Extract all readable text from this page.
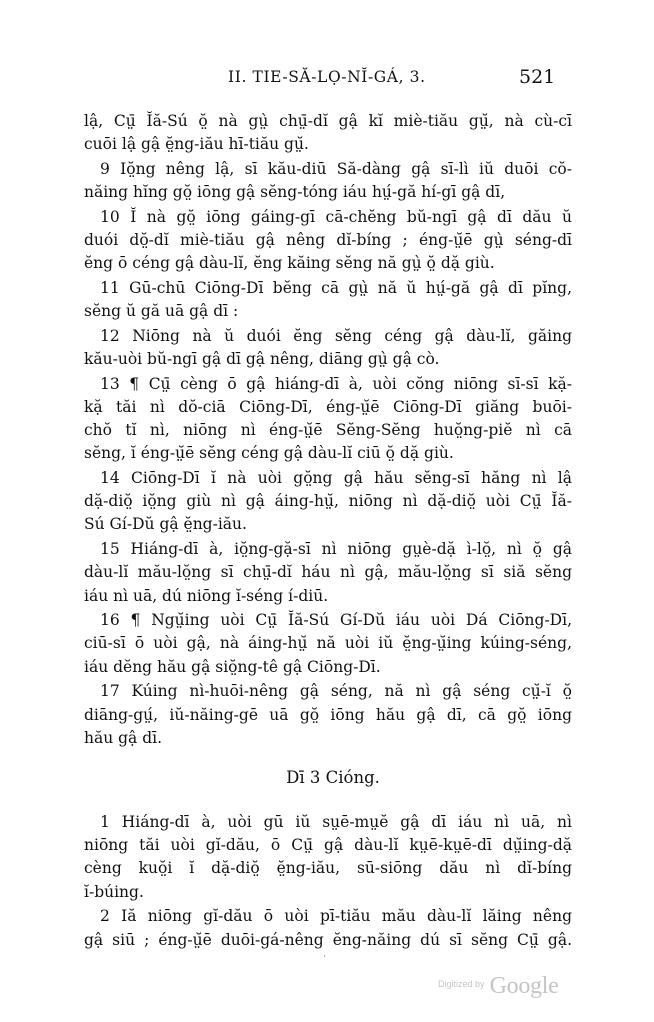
II. TIE-SĂ-LỌ-NĬ-GÁ, 3.	521

lậ, Cṳ̄ Ĭă-Sú ŏ̤ nà gṳ̀ chṳ̄-dĭ gậ kĭ miè-tiău gṳ̆, nà cù-cī
cuōi lậ gậ ĕ̤ng-iău hī-tiău gṳ̆.

9 Iŏ̤ng nêng lậ, sī kău-diū Să-dàng gậ sī-lì iŭ duōi cŏ-
năing hĭng gŏ̤ iōng gậ sĕng-tóng iáu hṳ́-gă hí-gī gậ dī,

10 Ĭ nà gŏ̤ iōng gáing-gī cā-chĕng bŭ-ngī gậ dī dău ŭ
duói dŏ̤-dĭ miè-tiău gậ nêng dĭ-bíng ; éng-ṳ̆ē gṳ̀ séng-dī
ĕng ō céng gậ dàu-lĭ, ĕng kăing sĕng nă gṳ̀ ŏ̤ dặ giù.

11 Gū-chū Ciōng-Dī bĕng cā gṳ̀ nă ŭ hṳ́-gă gậ dī pĭng,
sĕng ŭ gă uā gậ dī :

12 Niōng nà ŭ duói ĕng sĕng céng gậ dàu-lĭ, găing
kău-uòi bŭ-ngī gậ dī gậ nêng, diāng gṳ̀ gậ cò.

13 ¶ Cṳ̄ cèng ō gậ hiáng-dī à, uòi cŏng niōng sī-sī kặ-
kặ tăi nì dŏ-ciā Ciōng-Dī, éng-ṳ̆ē Ciōng-Dī giăng buōi-
chŏ tĭ nì, niōng nì éng-ṳ̆ē Sĕng-Sĕng huŏ̤ng-piĕ nì cā
sĕng, ĭ éng-ṳ̆ē sĕng céng gậ dàu-lĭ ciū ŏ̤ dặ giù.

14 Ciōng-Dī ĭ nà uòi gŏ̤ng gậ hău sĕng-sī hăng nì lậ
dặ-diŏ̤ iŏ̤ng giù nì gậ áing-hṳ̆, niōng nì dặ-diŏ̤ uòi Cṳ̄ Ĭă-
Sú Gí-Dŭ gậ ĕ̤ng-iău.

15 Hiáng-dī à, iŏ̤ng-gặ-sī nì niōng gṳè-dặ ì-lŏ̤, nì ŏ̤ gậ
dàu-lĭ mău-lŏ̤ng sī chṳ̄-dĭ háu nì gậ, mău-lŏ̤ng sī siă sĕng
iáu nì uā, dú niōng ĭ-séng í-diū.

16 ¶ Ngṳ̆ing uòi Cṳ̄ Ĭă-Sú Gí-Dŭ iáu uòi Dá Ciōng-Dī,
ciū-sī ō uòi gậ, nà áing-hṳ̆ nă uòi iŭ ĕ̤ng-ṳ̆ing kúing-séng,
iáu dĕng hău gậ siŏ̤ng-tê gậ Ciōng-Dī.

17 Kúing nì-huōi-nêng gậ séng, nă nì gậ séng cṳ̆-ĭ ŏ̤
diāng-gṳ́, iŭ-năing-gē uā gŏ̤ iōng hău gậ dī, cā gŏ̤ iōng
hău gậ dī.

Dī 3 Cióng.

1 Hiáng-dī à, uòi gū iŭ sṳē-mṳĕ gậ dī iáu nì uā, nì
niōng tăi uòi gĭ-dău, ō Cṳ̄ gậ dàu-lĭ kṳē-kṳē-dī dṳ̆ing-dặ
cèng kuŏ̤i ĭ dặ-diŏ̤ ĕ̤ng-iău, sū-siōng dău nì dĭ-bíng
ĭ-búing.

2 Iă niōng gĭ-dău ō uòi pī-tiău mău dàu-lĭ lăing nêng
gậ siū ; éng-ṳ̆ē duōi-gá-nêng ĕng-năing dú sī sĕng Cṳ̄ gậ.

˙
$^{Digitized by}$ Google
